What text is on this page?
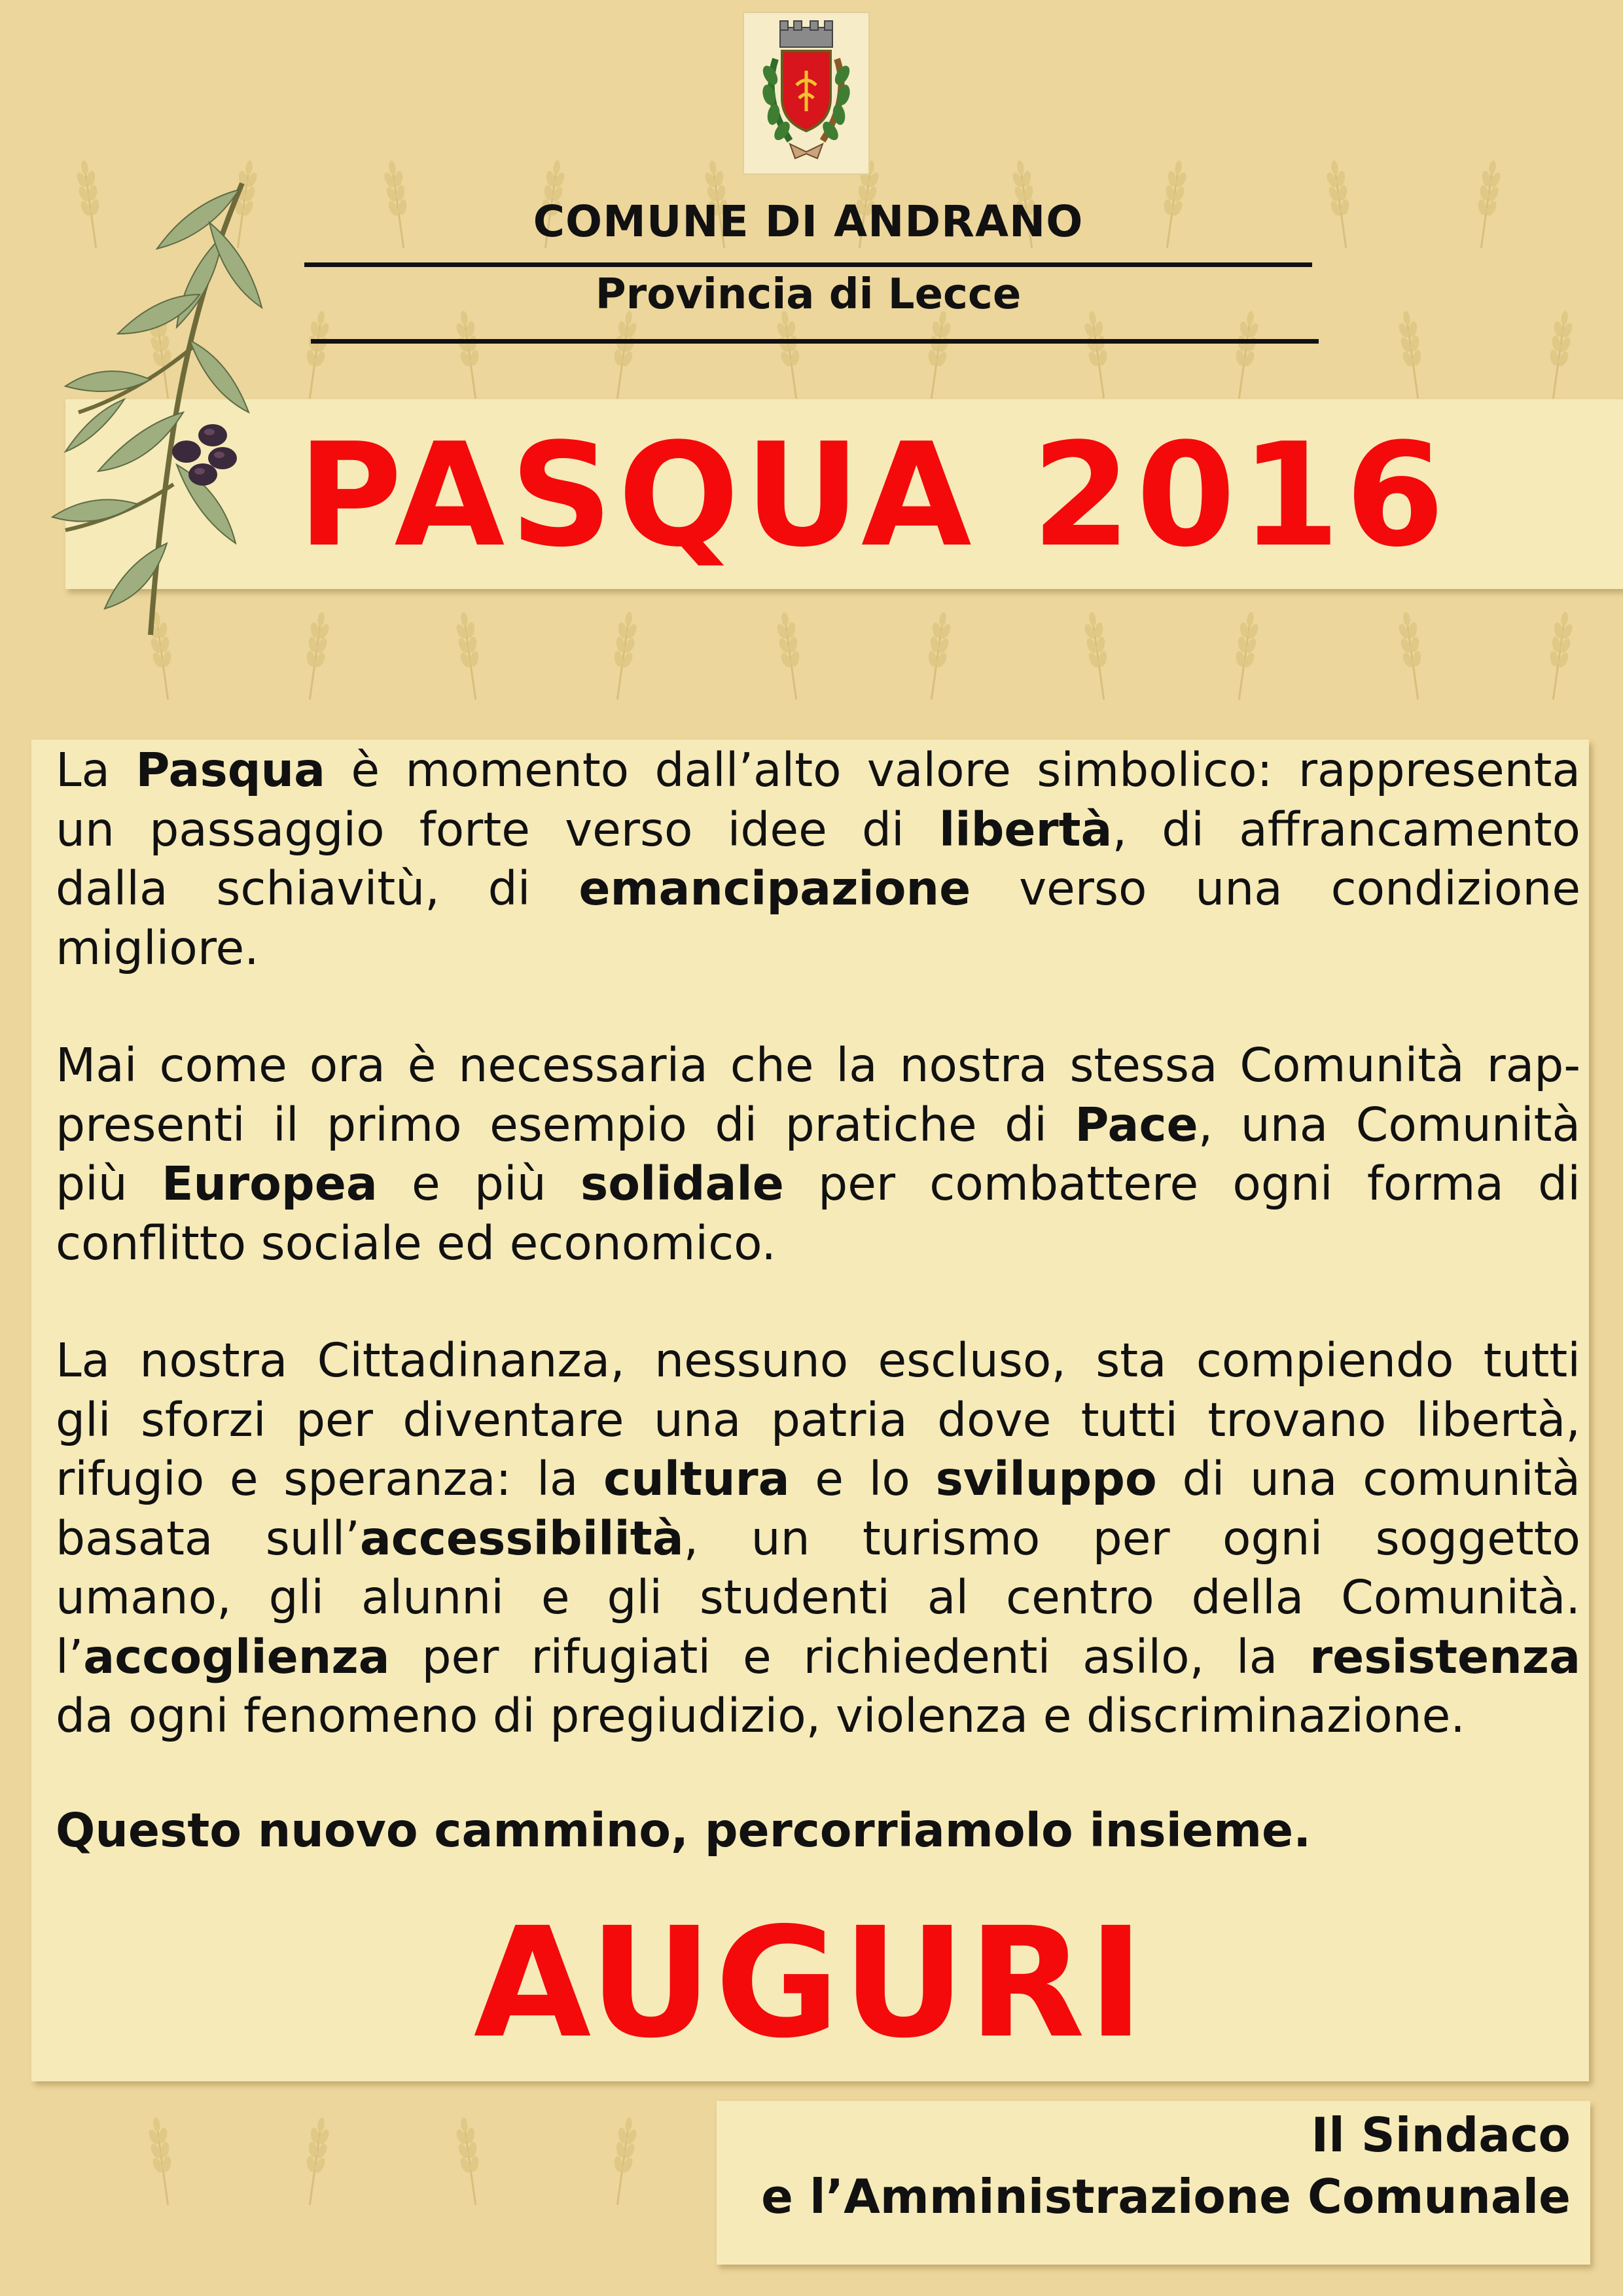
COMUNE DI ANDRANO
Provincia di Lecce
PASQUA 2016
La Pasqua è momento dall’alto valore simbolico: rappresenta
un passaggio forte verso idee di libertà, di affrancamento
dalla schiavitù, di emancipazione verso una condizione
migliore.
Mai come ora è necessaria che la nostra stessa Comunità rap-
presenti il primo esempio di pratiche di Pace, una Comunità
più Europea e più solidale per combattere ogni forma di
conflitto sociale ed economico.
La nostra Cittadinanza, nessuno escluso, sta compiendo tutti
gli sforzi per diventare una patria dove tutti trovano libertà,
rifugio e speranza: la cultura e lo sviluppo di una comunità
basata sull’accessibilità, un turismo per ogni soggetto
umano, gli alunni e gli studenti al centro della Comunità.
l’accoglienza per rifugiati e richiedenti asilo, la resistenza
da ogni fenomeno di pregiudizio, violenza e discriminazione.
Questo nuovo cammino, percorriamolo insieme.
AUGURI
Il Sindaco
e l’Amministrazione Comunale
